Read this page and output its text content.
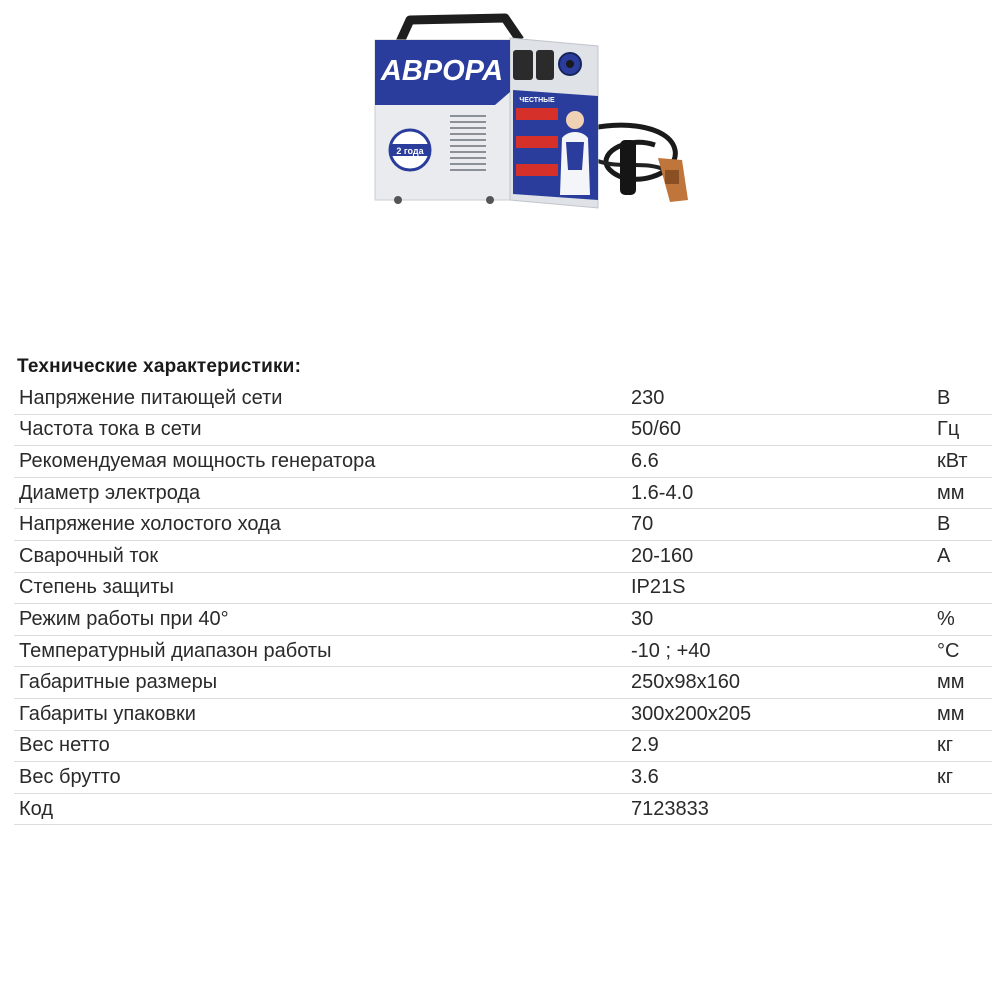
АВРОРА
ЧЕСТНЫЕ
2 года
Технические характеристики:
Напряжение питающей сети	230	В
Частота тока в сети	50/60	Гц
Рекомендуемая мощность генератора	6.6	кВт
Диаметр электрода	1.6-4.0	мм
Напряжение холостого хода	70	В
Сварочный ток	20-160	А
Степень защиты	IP21S	
Режим работы при 40°	30	%
Температурный диапазон работы	-10 ; +40	°С
Габаритные размеры	250x98x160	мм
Габариты упаковки	300x200x205	мм
Вес нетто	2.9	кг
Вес брутто	3.6	кг
Код	7123833	
